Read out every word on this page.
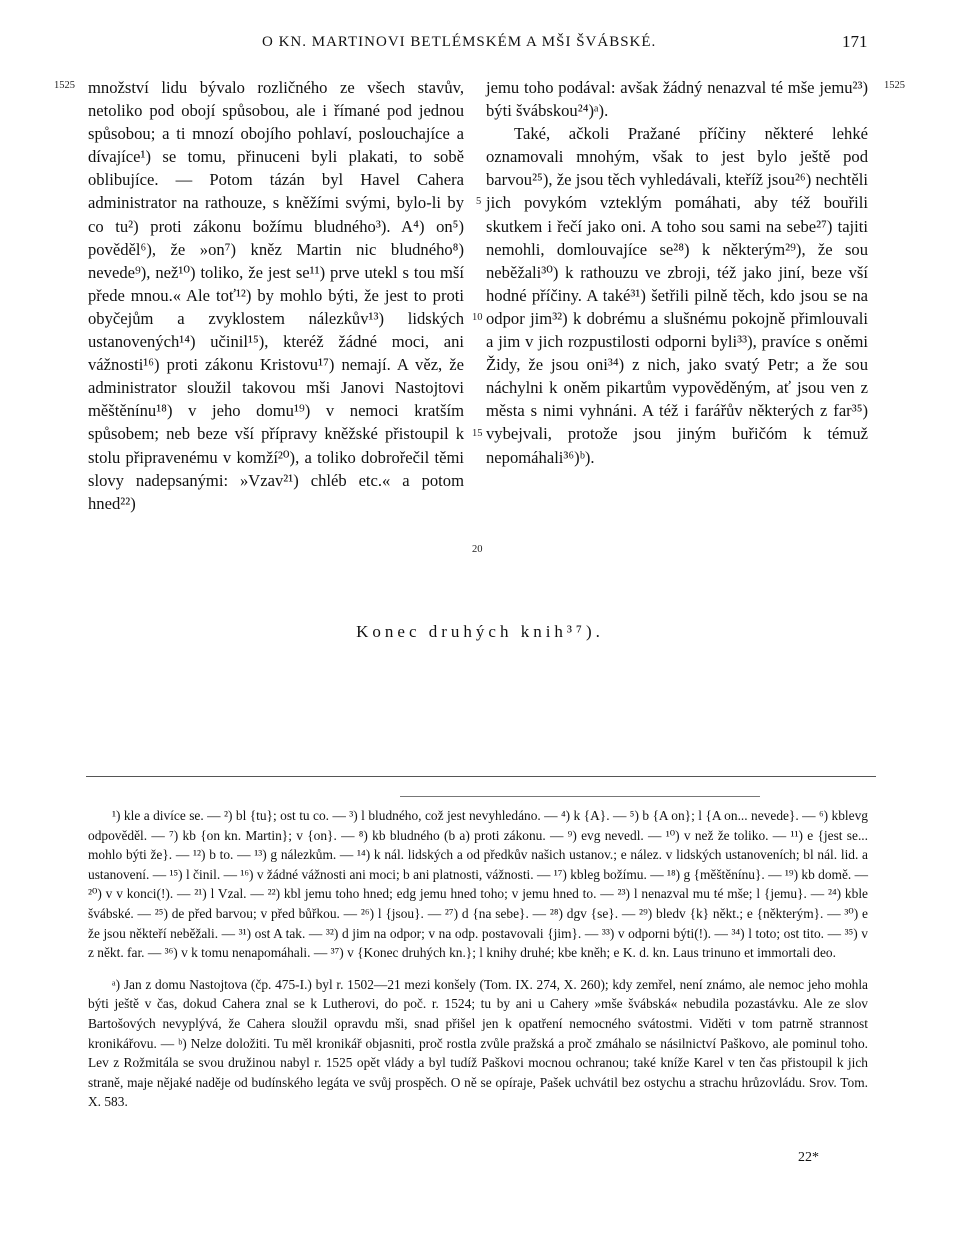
O KN. MARTINOVI BETLÉMSKÉM A MŠI ŠVÁBSKÉ.	171
1525	1525
5
10
15
20

množství lidu bývalo rozličného ze všech stavův, netoliko pod obojí spůsobou, ale i římané pod jednou spůsobou; a ti mnozí obojího pohlaví, poslouchajíce a dívajíce¹) se tomu, přinuceni byli plakati, to sobě oblibujíce. — Potom tázán byl Havel Cahera administrator na rathouze, s kněžími svými, bylo-li by co tu²) proti zákonu božímu bludného³). A⁴) on⁵) pověděl⁶), že »on⁷) kněz Martin nic bludného⁸) nevede⁹), než¹⁰) toliko, že jest se¹¹) prve utekl s tou mší přede mnou.« Ale toť¹²) by mohlo býti, že jest to proti obyčejům a zvyklostem nálezkův¹³) lidských ustanovených¹⁴) učinil¹⁵), kteréž žádné moci, ani vážnosti¹⁶) proti zákonu Kristovu¹⁷) nemají. A věz, že administrator sloužil takovou mši Janovi Nastojtovi měštěnínu¹⁸) v jeho domu¹⁹) v nemoci kratším spůsobem; neb beze vší přípravy kněžské přistoupil k stolu připravenému v komží²⁰), a toliko dobrořečil těmi slovy nadepsanými: »Vzav²¹) chléb etc.« a potom hned²²)

jemu toho podával: avšak žádný nenazval té mše jemu²³) býti švábskou²⁴)ᵃ).

Také, ačkoli Pražané příčiny některé lehké oznamovali mnohým, však to jest bylo ještě pod barvou²⁵), že jsou těch vyhledávali, kteříž jsou²⁶) nechtěli jich povykóm vzteklým pomáhati, aby též bouřili skutkem i řečí jako oni. A toho sou sami na sebe²⁷) tajiti nemohli, domlouvajíce se²⁸) k některým²⁹), že sou neběžali³⁰) k rathouzu ve zbroji, též jako jiní, beze vší hodné příčiny. A také³¹) šetřili pilně těch, kdo jsou se na odpor jim³²) k dobrému a slušnému pokojně přimlouvali a jim v jich rozpustilosti odporni byli³³), pravíce s oněmi Židy, že jsou oni³⁴) z nich, jako svatý Petr; a že sou náchylni k oněm pikartům vypověděným, ať jsou ven z města s nimi vyhnáni. A též i farářův některých z far³⁵) vybejvali, protože jsou jiným buřičóm k témuž nepomáhali³⁶)ᵇ).

Konec druhých knih³⁷).

¹) kle a divíce se. — ²) bl {tu}; ost tu co. — ³) l bludného, což jest nevyhledáno. — ⁴) k {A}. — ⁵) b {A on}; l {A on... nevede}. — ⁶) kblevg odpověděl. — ⁷) kb {on kn. Martin}; v {on}. — ⁸) kb bludného (b a) proti zákonu. — ⁹) evg nevedl. — ¹⁰) v než že toliko. — ¹¹) e {jest se... mohlo býti že}. — ¹²) b to. — ¹³) g nálezkům. — ¹⁴) k nál. lidských a od předkův našich ustanov.; e nález. v lidských ustanoveních; bl nál. lid. a ustanovení. — ¹⁵) l činil. — ¹⁶) v žádné vážnosti ani moci; b ani platnosti, vážnosti. — ¹⁷) kbleg božímu. — ¹⁸) g {měštěnínu}. — ¹⁹) kb domě. — ²⁰) v v konci(!). — ²¹) l Vzal. — ²²) kbl jemu toho hned; edg jemu hned toho; v jemu hned to. — ²³) l nenazval mu té mše; l {jemu}. — ²⁴) kble švábské. — ²⁵) de před barvou; v před bůřkou. — ²⁶) l {jsou}. — ²⁷) d {na sebe}. — ²⁸) dgv {se}. — ²⁹) bledv {k} někt.; e {některým}. — ³⁰) e že jsou někteří neběžali. — ³¹) ost A tak. — ³²) d jim na odpor; v na odp. postavovali {jim}. — ³³) v odporni býti(!). — ³⁴) l toto; ost tito. — ³⁵) v z někt. far. — ³⁶) v k tomu nenapomáhali. — ³⁷) v {Konec druhých kn.}; l knihy druhé; kbe kněh; e K. d. kn. Laus trinuno et immortali deo.

ᵃ) Jan z domu Nastojtova (čp. 475-I.) byl r. 1502—21 mezi konšely (Tom. IX. 274, X. 260); kdy zemřel, není známo, ale nemoc jeho mohla býti ještě v čas, dokud Cahera znal se k Lutherovi, do poč. r. 1524; tu by ani u Cahery »mše švábská« nebudila pozastávku. Ale ze slov Bartošových nevyplývá, že Cahera sloužil opravdu mši, snad přišel jen k opatření nemocného svátostmi. Viděti v tom patrně strannost kronikářovu. — ᵇ) Nelze doložiti. Tu měl kronikář objasniti, proč rostla zvůle pražská a proč zmáhalo se násilnictví Paškovo, ale pominul toho. Lev z Rožmitála se svou družinou nabyl r. 1525 opět vlády a byl tudíž Paškovi mocnou ochranou; také kníže Karel v ten čas přistoupil k jich straně, maje nějaké naděje od budínského legáta ve svůj prospěch. O ně se opíraje, Pašek uchvátil bez ostychu a strachu hrůzovládu. Srov. Tom. X. 583.

22*
